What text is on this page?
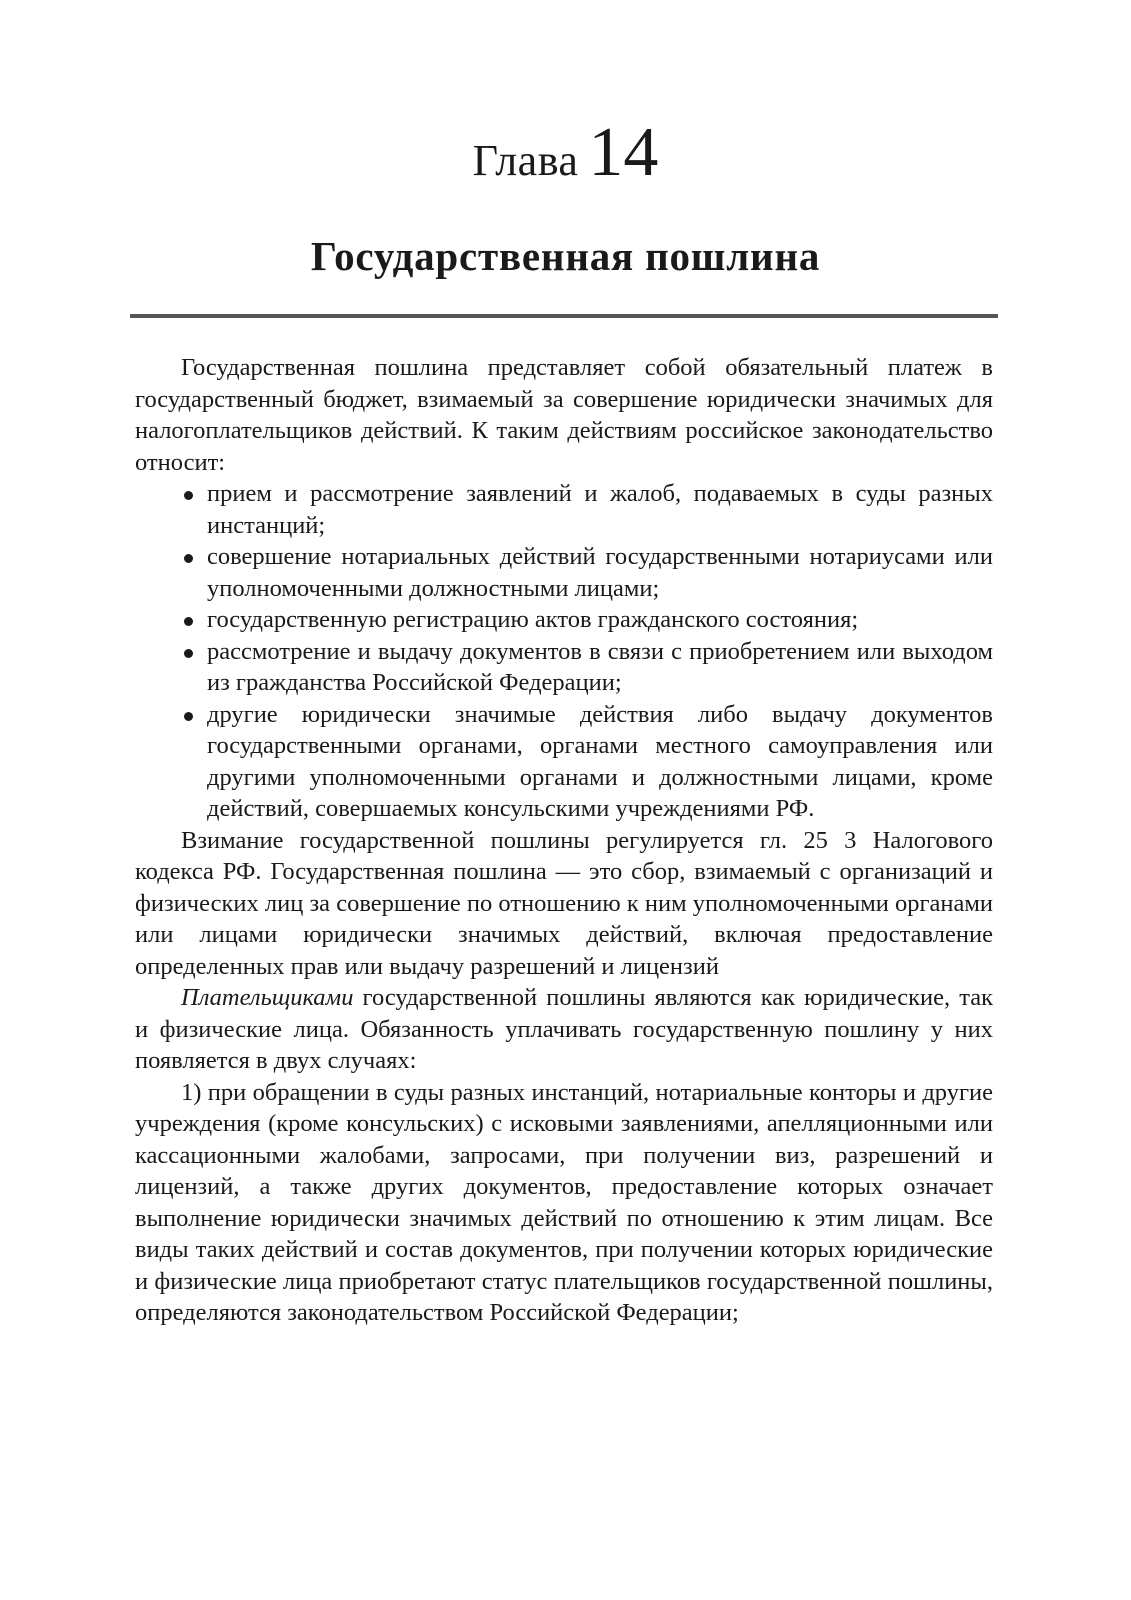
Глава 14
Государственная пошлина

Государственная пошлина представляет собой обязательный платеж в государственный бюджет, взимаемый за совершение юридически значимых для налогоплательщиков действий. К таким действиям российское законодательство относит:

прием и рассмотрение заявлений и жалоб, подаваемых в суды разных инстанций;
совершение нотариальных действий государственными нотариусами или уполномоченными должностными лицами;
государственную регистрацию актов гражданского состояния;
рассмотрение и выдачу документов в связи с приобретением или выходом из гражданства Российской Федерации;
другие юридически значимые действия либо выдачу документов государственными органами, органами местного самоуправления или другими уполномоченными органами и должностными лицами, кроме действий, совершаемых консульскими учреждениями РФ.

Взимание государственной пошлины регулируется гл. 25 3 Налогового кодекса РФ. Государственная пошлина — это сбор, взимаемый с организаций и физических лиц за совершение по отношению к ним уполномоченными органами или лицами юридически значимых действий, включая предоставление определенных прав или выдачу разрешений и лицензий

Плательщиками государственной пошлины являются как юридические, так и физические лица. Обязанность уплачивать государственную пошлину у них появляется в двух случаях:

1) при обращении в суды разных инстанций, нотариальные конторы и другие учреждения (кроме консульских) с исковыми заявлениями, апелляционными или кассационными жалобами, запросами, при получении виз, разрешений и лицензий, а также других документов, предоставление которых означает выполнение юридически значимых действий по отношению к этим лицам. Все виды таких действий и состав документов, при получении которых юридические и физические лица приобретают статус плательщиков государственной пошлины, определяются законодательством Российской Федерации;
